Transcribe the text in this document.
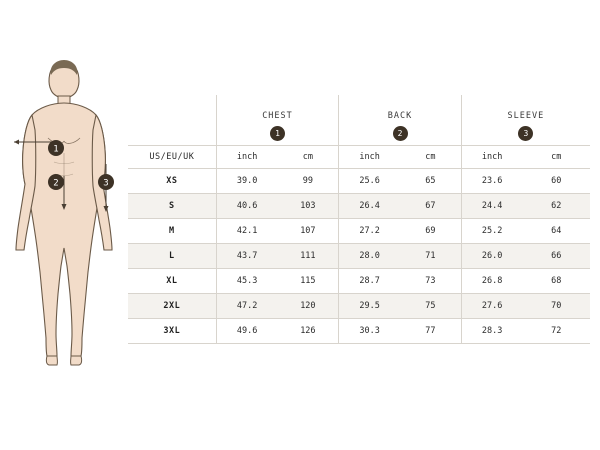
1
2	3
	CHEST		BACK		SLEEVE	
	1		2		3	
US/EU/UK	inch	cm	inch	cm	inch	cm
XS	39.0	99	25.6	65	23.6	60
S	40.6	103	26.4	67	24.4	62
M	42.1	107	27.2	69	25.2	64
L	43.7	111	28.0	71	26.0	66
XL	45.3	115	28.7	73	26.8	68
2XL	47.2	120	29.5	75	27.6	70
3XL	49.6	126	30.3	77	28.3	72
